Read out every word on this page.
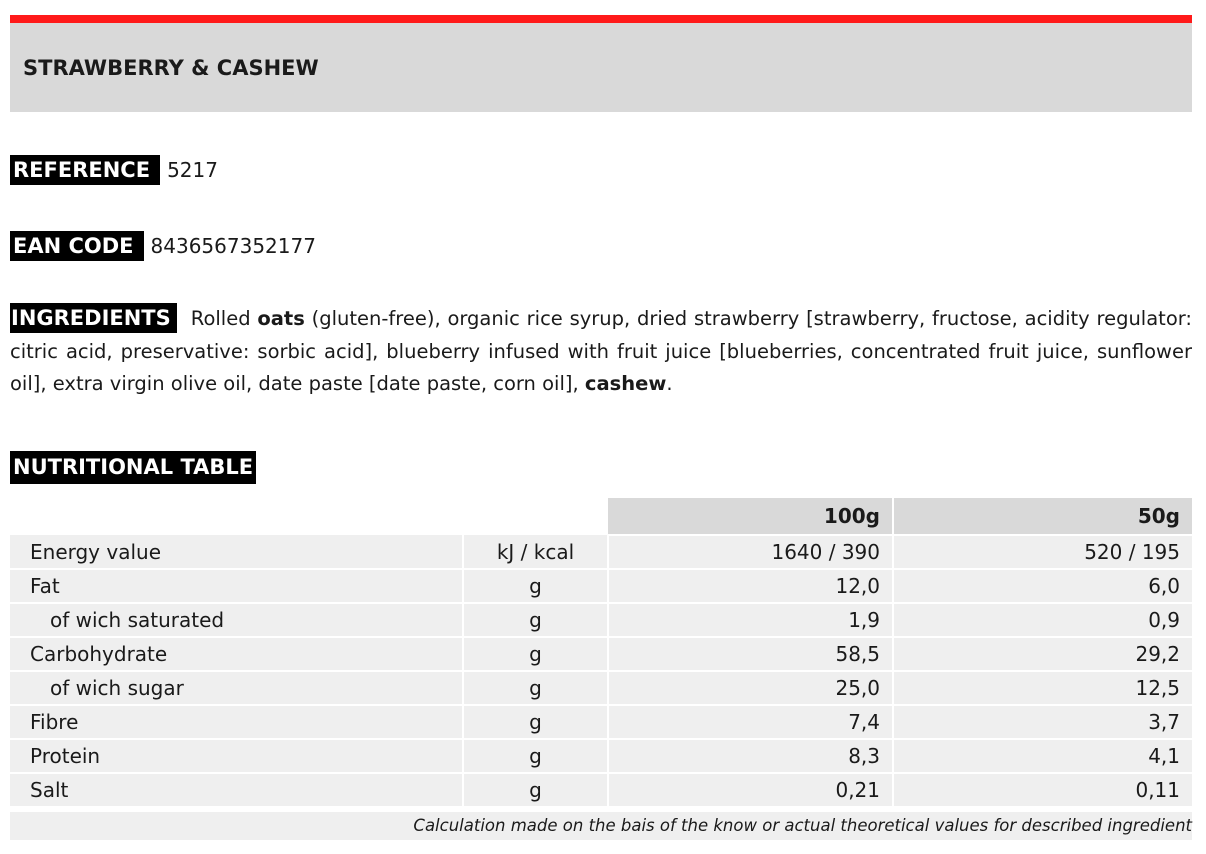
STRAWBERRY & CASHEW
REFERENCE 5217
EAN CODE 8436567352177

INGREDIENTS Rolled oats (gluten-free), organic rice syrup, dried strawberry [strawberry, fructose, acidity regulator: citric acid, preservative: sorbic acid], blueberry infused with fruit juice [blueberries, concentrated fruit juice, sunflower oil], extra virgin olive oil, date paste [date paste, corn oil], cashew.

NUTRITIONAL TABLE
		100g	50g
Energy value	kJ / kcal	1640 / 390	520 / 195
Fat	g	12,0	6,0
of wich saturated	g	1,9	0,9
Carbohydrate	g	58,5	29,2
of wich sugar	g	25,0	12,5
Fibre	g	7,4	3,7
Protein	g	8,3	4,1
Salt	g	0,21	0,11
Calculation made on the bais of the know or actual theoretical values for described ingredient
